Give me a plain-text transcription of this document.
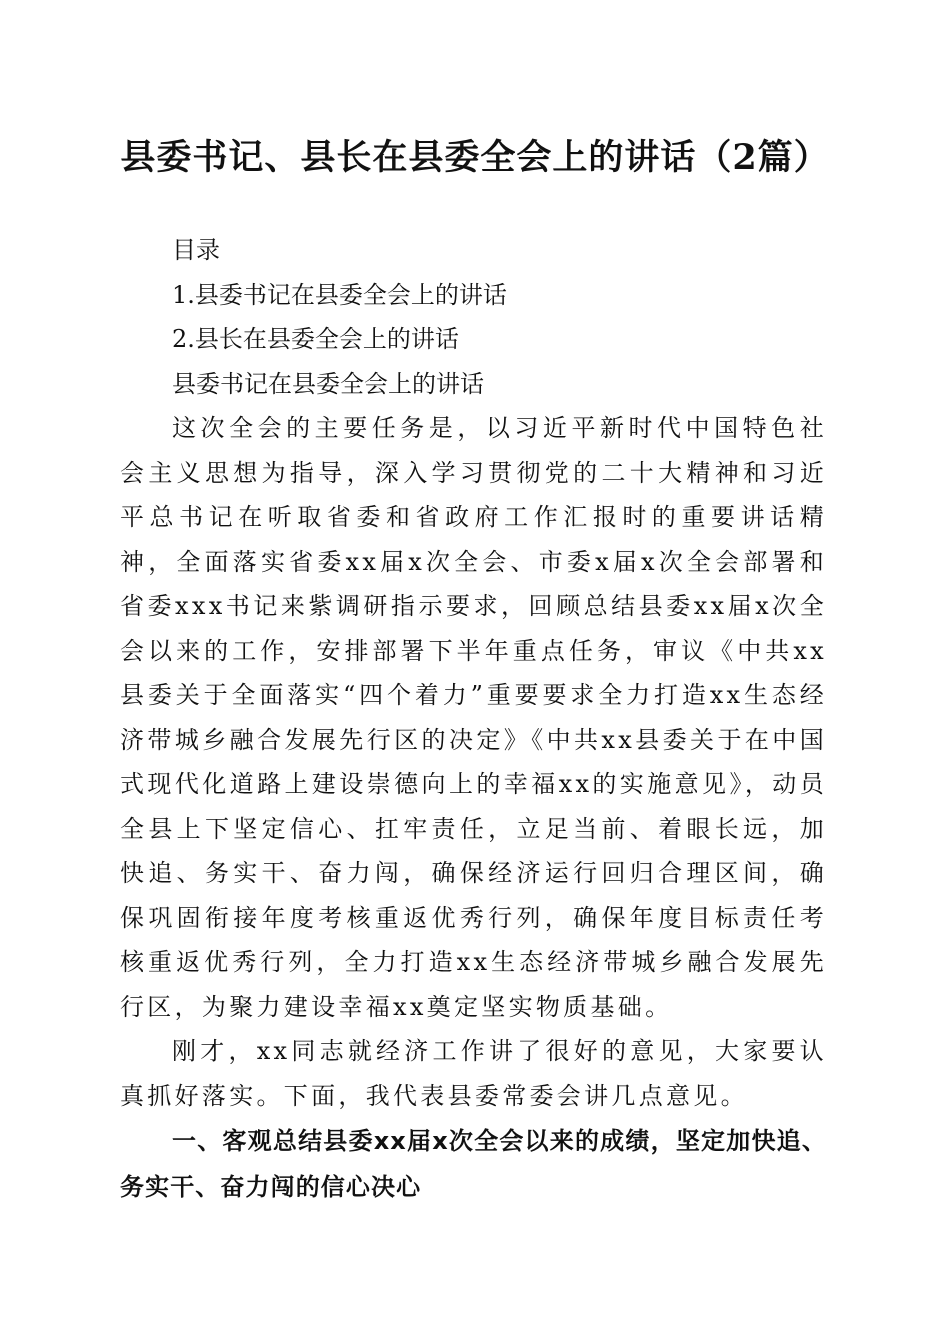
县委书记、县长在县委全会上的讲话（2篇）

目录

1.县委书记在县委全会上的讲话

2.县长在县委全会上的讲话

县委书记在县委全会上的讲话

这次全会的主要任务是，以习近平新时代中国特色社会主义思想为指导，深入学习贯彻党的二十大精神和习近平总书记在听取省委和省政府工作汇报时的重要讲话精神，全面落实省委xx届x次全会、市委x届x次全会部署和省委xxx书记来紫调研指示要求，回顾总结县委xx届x次全会以来的工作，安排部署下半年重点任务，审议《中共xx县委关于全面落实“四个着力”重要要求全力打造xx生态经济带城乡融合发展先行区的决定》《中共xx县委关于在中国式现代化道路上建设崇德向上的幸福xx的实施意见》，动员全县上下坚定信心、扛牢责任，立足当前、着眼长远，加快追、务实干、奋力闯，确保经济运行回归合理区间，确保巩固衔接年度考核重返优秀行列，确保年度目标责任考核重返优秀行列，全力打造xx生态经济带城乡融合发展先行区，为聚力建设幸福xx奠定坚实物质基础。

刚才，xx同志就经济工作讲了很好的意见，大家要认真抓好落实。下面，我代表县委常委会讲几点意见。

一、客观总结县委xx届x次全会以来的成绩，坚定加快追、务实干、奋力闯的信心决心
